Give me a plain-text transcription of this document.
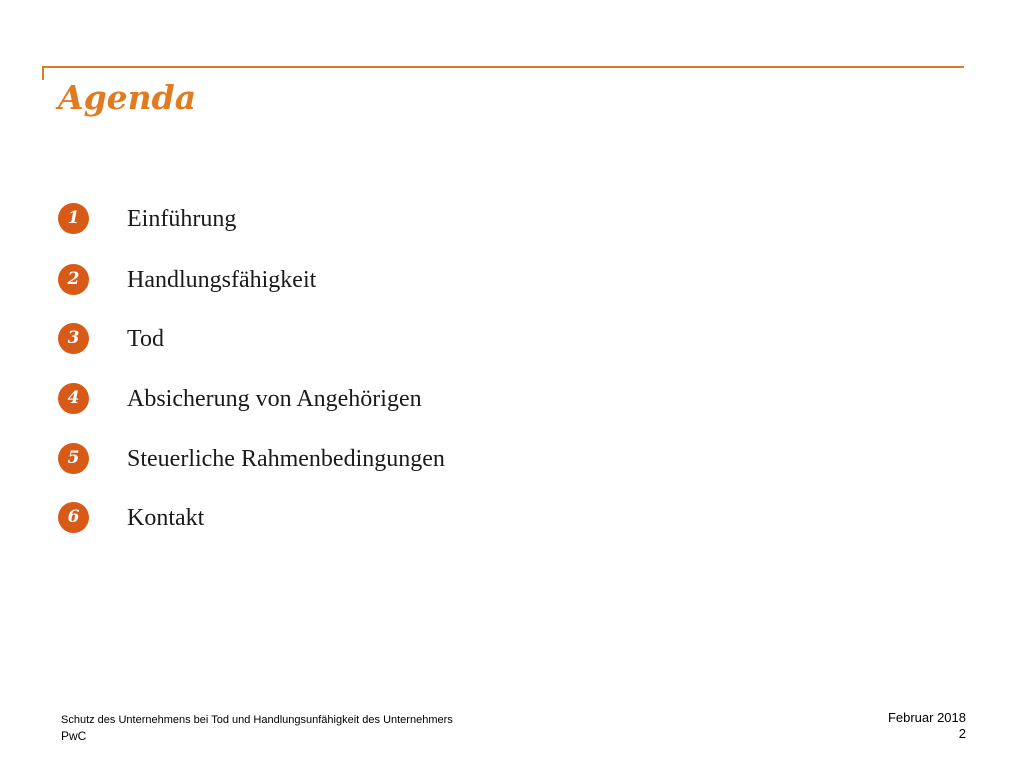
Agenda
1	Einführung
2	Handlungsfähigkeit
3	Tod
4	Absicherung von Angehörigen
5	Steuerliche Rahmenbedingungen
6	Kontakt
Schutz des Unternehmens bei Tod und Handlungsunfähigkeit des Unternehmers
PwC
Februar 2018
2
